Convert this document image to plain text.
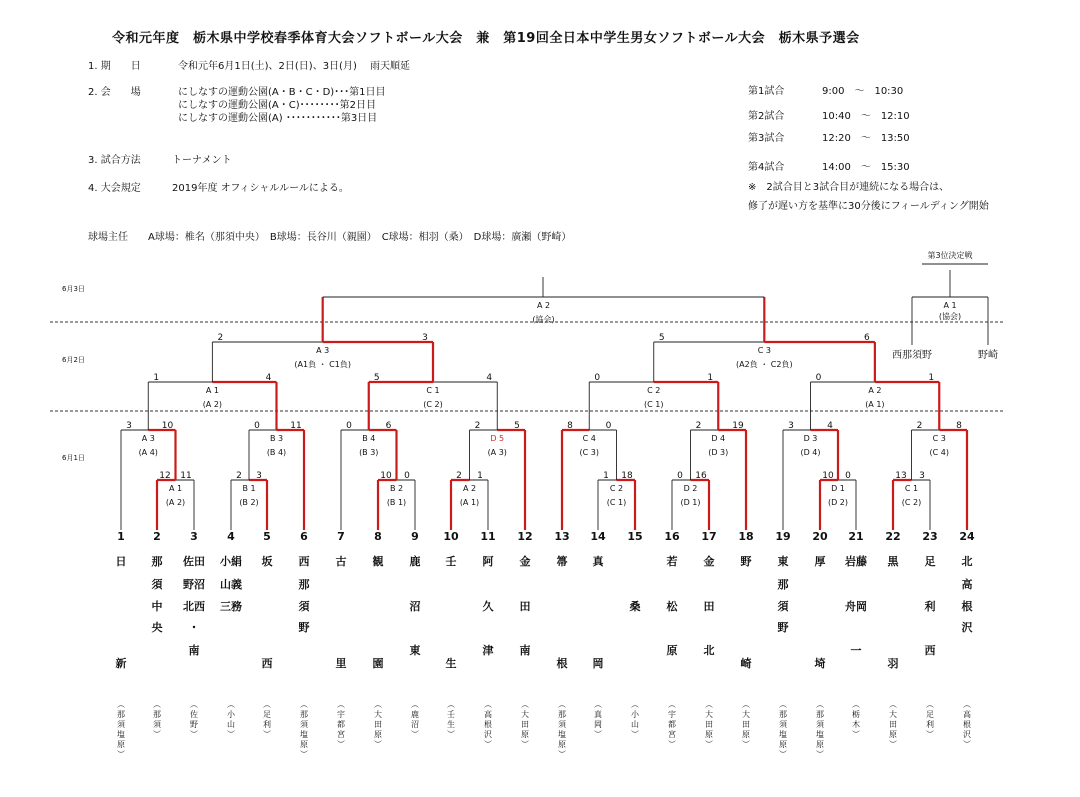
令和元年度　栃木県中学校春季体育大会ソフトボール大会　兼　第19回全日本中学生男女ソフトボール大会　栃木県予選会
1. 期　　日	令和元年6月1日(土)、2日(日)、3日(月)　 雨天順延
2. 会　　場	にしなすの運動公園(A・B・C・D)･･･第1日目
にしなすの運動公園(A・C)････････第2日目
にしなすの運動公園(A) ･･･････････第3日目
3. 試合方法	トーナメント
4. 大会規定	2019年度 オフィシャルルールによる。
第1試合	9:00　～　10:30
第2試合	10:40　～　12:10
第3試合	12:20　～　13:50
第4試合	14:00　～　15:30
※　2試合目と3試合目が連続になる場合は、
修了が遅い方を基準に30分後にフィールディング開始
球場主任　　A球場：椎名（那須中央）　B球場：長谷川（親園）　C球場：相羽（桑）　D球場：廣瀬（野崎）
6月3日
6月2日
6月1日
A 1
(A 2)
12 11
B 1
(B 2)
2 3
B 2
(B 1)
10 0
A 2
(A 1)
2 1
C 2
(C 1)
1 18
D 2
(D 1)
0 16
D 1
(D 2)
10 0
C 1
(C 2)
13 3
A 3
(A 4)
3	10
B 3
(B 4)
0	11
B 4
(B 3)
0	6
D 5
(A 3)
2	5
C 4
(C 3)
8	0
D 4
(D 3)
2	19
D 3
(D 4)
3	4
C 3
(C 4)
2	8
A 1
(A 2)
1	4
C 1
(C 2)
5	4
C 2
(C 1)
0	1
A 2
(A 1)
0	1
A 3
(A1負 ・ C1負)
2	3
C 3
(A2負 ・ C2負)
5	6
A 2
(協会)
第3位決定戦
A 1
(協会)
西那須野	野崎
1
日
新
︵
那
須
塩
原
︶
2
那
須
中
央
︵
那
須
︶
3
佐田
野沼
北西
・
南
︵
佐
野
︶
4
小絹
山義
三務
︵
小
山
︶
5
坂
西
︵
足
利
︶
6
西
那
須
野
︵
那
須
塩
原
︶
7
古
里
︵
宇
都
宮
︶
8
観
園
︵
大
田
原
︶
9
鹿
沼
東
︵
鹿
沼
︶
10
壬
生
︵
壬
生
︶
11
阿
久
津
︵
高
根
沢
︶
12
金
田
南
︵
大
田
原
︶
13
箒
根
︵
那
須
塩
原
︶
14
真
岡
︵
真
岡
︶
15
桑
︵
小
山
︶
16
若
松
原
︵
宇
都
宮
︶
17
金
田
北
︵
大
田
原
︶
18
野
崎
︵
大
田
原
︶
19
東
那
須
野
︵
那
須
塩
原
︶
20
厚
埼
︵
那
須
塩
原
︶
21
岩藤
舟岡
一
︵
栃
木
︶
22
黒
羽
︵
大
田
原
︶
23
足
利
西
︵
足
利
︶
24
北
高
根
沢
︵
高
根
沢
︶
